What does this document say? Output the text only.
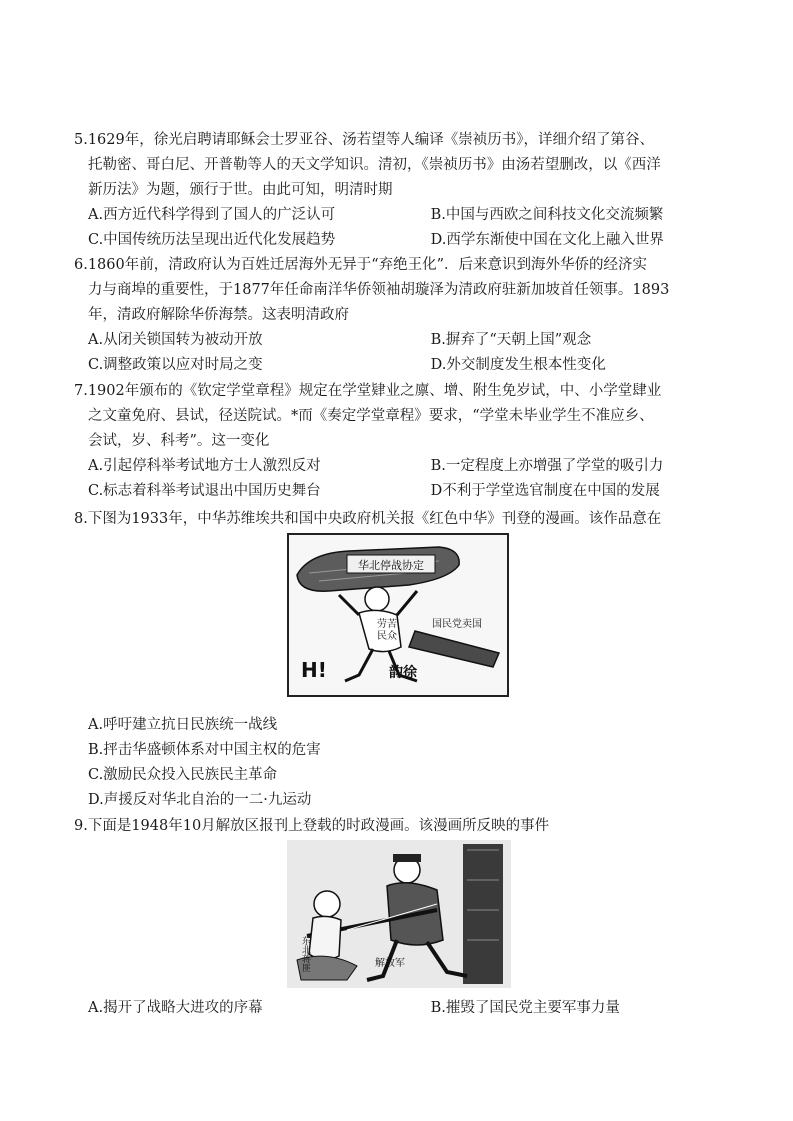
5.1629年，徐光启聘请耶稣会士罗亚谷、汤若望等人编译《崇祯历书》，详细介绍了第谷、
托勒密、哥白尼、开普勒等人的天文学知识。清初，《崇祯历书》由汤若望删改，以《西洋
新历法》为题，颁行于世。由此可知，明清时期
A.西方近代科学得到了国人的广泛认可	B.中国与西欧之间科技文化交流频繁
C.中国传统历法呈现出近代化发展趋势	D.西学东渐使中国在文化上融入世界
6.1860年前，清政府认为百姓迁居海外无异于“弃绝王化”．后来意识到海外华侨的经济实
力与商埠的重要性，于1877年任命南洋华侨领袖胡璇泽为清政府驻新加坡首任领事。1893
年，清政府解除华侨海禁。这表明清政府
A.从闭关锁国转为被动开放	B.摒弃了“天朝上国”观念
C.调整政策以应对时局之变	D.外交制度发生根本性变化
7.1902年颁布的《钦定学堂章程》规定在学堂肄业之廪、增、附生免岁试，中、小学堂肆业
之文童免府、县试，径送院试。*而《奏定学堂章程》要求，“学堂未毕业学生不准应乡、
会试，岁、科考”。这一变化
A.引起停科举考试地方士人激烈反对	B.一定程度上亦增强了学堂的吸引力
C.标志着科举考试退出中国历史舞台	D不利于学堂选官制度在中国的发展
8.下图为1933年，中华苏维埃共和国中央政府机关报《红色中华》刊登的漫画。该作品意在
华北停战协定
劳苦
民众
国民党卖国
H!	韵徐
A.呼吁建立抗日民族统一战线
B.抨击华盛顿体系对中国主权的危害
C.激励民众投入民族民主革命
D.声援反对华北自治的一二·九运动
9.下面是1948年10月解放区报刊上登载的时政漫画。该漫画所反映的事件
东北蒋匪	解放军
A.揭开了战略大进攻的序幕	B.摧毁了国民党主要军事力量
